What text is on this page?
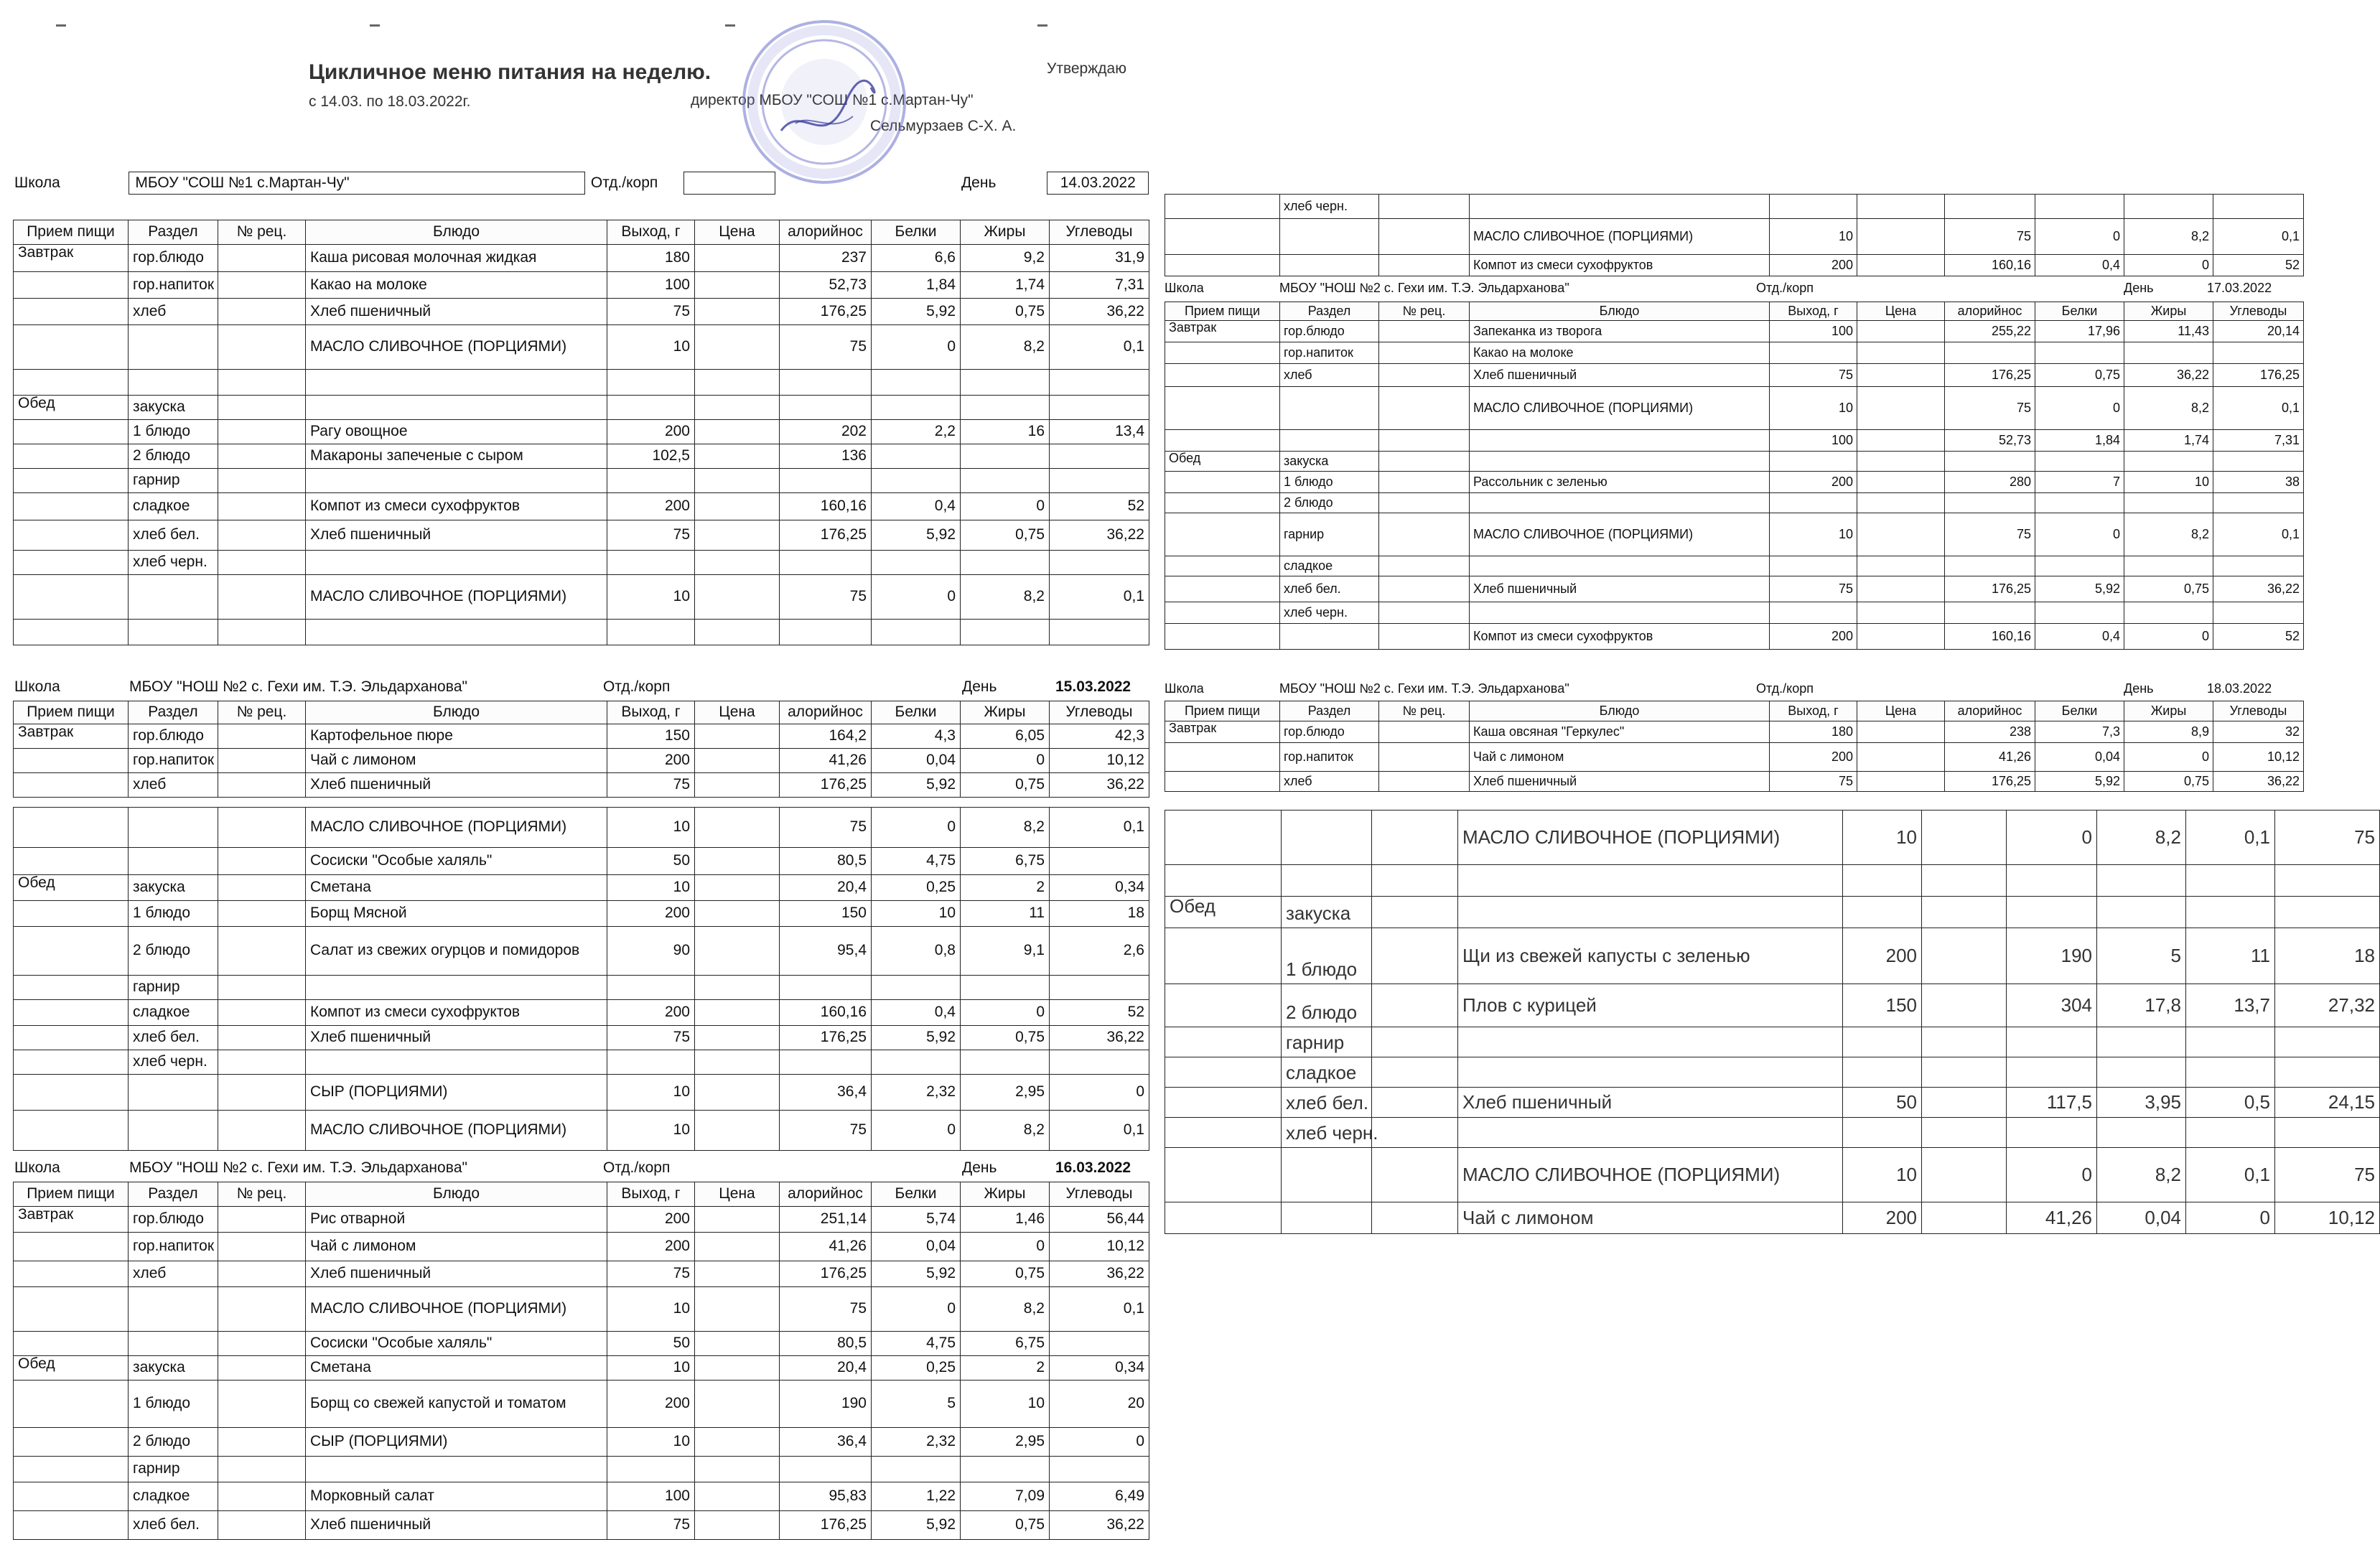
Цикличное меню питания на неделю.
с 14.03. по 18.03.2022г.
Утверждаю
директор МБОУ "СОШ №1 с.Мартан-Чу"
Сельмурзаев С-Х. А.
Школа	МБОУ "СОШ №1 с.Мартан-Чу"	Отд./корп	День	14.03.2022
Прием пищи	Раздел	№ рец.	Блюдо	Выход, г	Цена	алорийнос	Белки	Жиры	Углеводы
Завтрак	гор.блюдо		Каша рисовая молочная жидкая	180		237	6,6	9,2	31,9
	гор.напиток		Какао на молоке	100		52,73	1,84	1,74	7,31
	хлеб		Хлеб пшеничный	75		176,25	5,92	0,75	36,22
			МАСЛО СЛИВОЧНОЕ (ПОРЦИЯМИ)	10		75	0	8,2	0,1

Обед	закуска								
	1 блюдо		Рагу овощное	200		202	2,2	16	13,4
	2 блюдо		Макароны запеченые с сыром	102,5		136			
	гарнир								
	сладкое		Компот из смеси сухофруктов	200		160,16	0,4	0	52
	хлеб бел.		Хлеб пшеничный	75		176,25	5,92	0,75	36,22
	хлеб черн.								
			МАСЛО СЛИВОЧНОЕ (ПОРЦИЯМИ)	10		75	0	8,2	0,1

Школа	МБОУ "НОШ №2 с. Гехи им. Т.Э. Эльдархановa"	Отд./корп	День	15.03.2022
Прием пищи	Раздел	№ рец.	Блюдо	Выход, г	Цена	алорийнос	Белки	Жиры	Углеводы
Завтрак	гор.блюдо		Картофельное пюре	150		164,2	4,3	6,05	42,3
	гор.напиток		Чай с лимоном	200		41,26	0,04	0	10,12
	хлеб		Хлеб пшеничный	75		176,25	5,92	0,75	36,22
			МАСЛО СЛИВОЧНОЕ (ПОРЦИЯМИ)	10		75	0	8,2	0,1
			Сосиски "Особые халяль"	50		80,5	4,75	6,75	
Обед	закуска		Сметана	10		20,4	0,25	2	0,34
	1 блюдо		Борщ Мясной	200		150	10	11	18
	2 блюдо		Салат из свежих огурцов и помидоров	90		95,4	0,8	9,1	2,6
	гарнир								
	сладкое		Компот из смеси сухофруктов	200		160,16	0,4	0	52
	хлеб бел.		Хлеб пшеничный	75		176,25	5,92	0,75	36,22
	хлеб черн.								
			СЫР (ПОРЦИЯМИ)	10		36,4	2,32	2,95	0
			МАСЛО СЛИВОЧНОЕ (ПОРЦИЯМИ)	10		75	0	8,2	0,1
Школа	МБОУ "НОШ №2 с. Гехи им. Т.Э. Эльдархановa"	Отд./корп	День	16.03.2022
Прием пищи	Раздел	№ рец.	Блюдо	Выход, г	Цена	алорийнос	Белки	Жиры	Углеводы
Завтрак	гор.блюдо		Рис отварной	200		251,14	5,74	1,46	56,44
	гор.напиток		Чай с лимоном	200		41,26	0,04	0	10,12
	хлеб		Хлеб пшеничный	75		176,25	5,92	0,75	36,22
			МАСЛО СЛИВОЧНОЕ (ПОРЦИЯМИ)	10		75	0	8,2	0,1
			Сосиски "Особые халяль"	50		80,5	4,75	6,75	
Обед	закуска		Сметана	10		20,4	0,25	2	0,34
	1 блюдо		Борщ со свежей капустой и томатом	200		190	5	10	20
	2 блюдо		СЫР (ПОРЦИЯМИ)	10		36,4	2,32	2,95	0
	гарнир								
	сладкое		Морковный салат	100		95,83	1,22	7,09	6,49
	хлеб бел.		Хлеб пшеничный	75		176,25	5,92	0,75	36,22
	хлеб черн.								
			МАСЛО СЛИВОЧНОЕ (ПОРЦИЯМИ)	10		75	0	8,2	0,1
			Компот из смеси сухофруктов	200		160,16	0,4	0	52
Школа	МБОУ "НОШ №2 с. Гехи им. Т.Э. Эльдархановa"	Отд./корп	День	17.03.2022
Прием пищи	Раздел	№ рец.	Блюдо	Выход, г	Цена	алорийнос	Белки	Жиры	Углеводы
Завтрак	гор.блюдо		Запеканка из творога	100		255,22	17,96	11,43	20,14
	гор.напиток		Какао на молоке						
	хлеб		Хлеб пшеничный	75		176,25	0,75	36,22	176,25
			МАСЛО СЛИВОЧНОЕ (ПОРЦИЯМИ)	10		75	0	8,2	0,1
				100		52,73	1,84	1,74	7,31
Обед	закуска								
	1 блюдо		Рассольник с зеленью	200		280	7	10	38
	2 блюдо								
	гарнир		МАСЛО СЛИВОЧНОЕ (ПОРЦИЯМИ)	10		75	0	8,2	0,1
	сладкое								
	хлеб бел.		Хлеб пшеничный	75		176,25	5,92	0,75	36,22
	хлеб черн.								
			Компот из смеси сухофруктов	200		160,16	0,4	0	52
Школа	МБОУ "НОШ №2 с. Гехи им. Т.Э. Эльдархановa"	Отд./корп	День	18.03.2022
Прием пищи	Раздел	№ рец.	Блюдо	Выход, г	Цена	алорийнос	Белки	Жиры	Углеводы
Завтрак	гор.блюдо		Каша овсяная "Геркулес"	180		238	7,3	8,9	32
	гор.напиток		Чай с лимоном	200		41,26	0,04	0	10,12
	хлеб		Хлеб пшеничный	75		176,25	5,92	0,75	36,22
			МАСЛО СЛИВОЧНОЕ (ПОРЦИЯМИ)	10		0	8,2	0,1	75

Обед	закуска								
	1 блюдо		Щи из свежей капусты с зеленью	200		190	5	11	18
	2 блюдо		Плов с курицей	150		304	17,8	13,7	27,32
	гарнир								
	сладкое								
	хлеб бел.		Хлеб пшеничный	50		117,5	3,95	0,5	24,15
	хлеб черн.								
			МАСЛО СЛИВОЧНОЕ (ПОРЦИЯМИ)	10		0	8,2	0,1	75
			Чай с лимоном	200		41,26	0,04	0	10,12
